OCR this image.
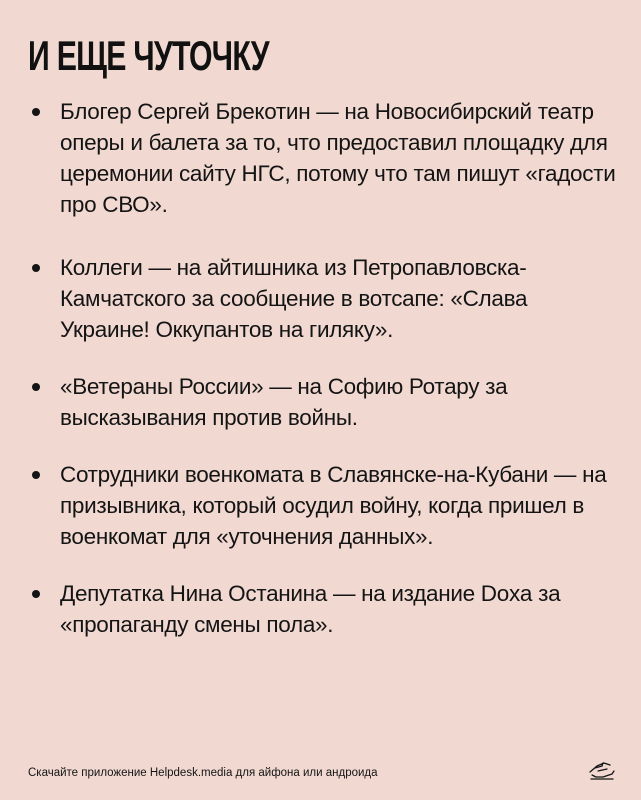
И ЕЩЕ ЧУТОЧКУ
Блогер Сергей Брекотин — на Новосибирский театр оперы и балета за то, что предоставил площадку для церемонии сайту НГС, потому что там пишут «гадости про СВО».
Коллеги — на айтишника из Петропавловска-Камчатского за сообщение в вотсапе: «Слава Украине! Оккупантов на гиляку».
«Ветераны России» — на Софию Ротару за высказывания против войны.
Сотрудники военкомата в Славянске-на-Кубани — на призывника, который осудил войну, когда пришел в военкомат для «уточнения данных».
Депутатка Нина Останина — на издание Doxa за «пропаганду смены пола».
Скачайте приложение Helpdesk.media для айфона или андроида
